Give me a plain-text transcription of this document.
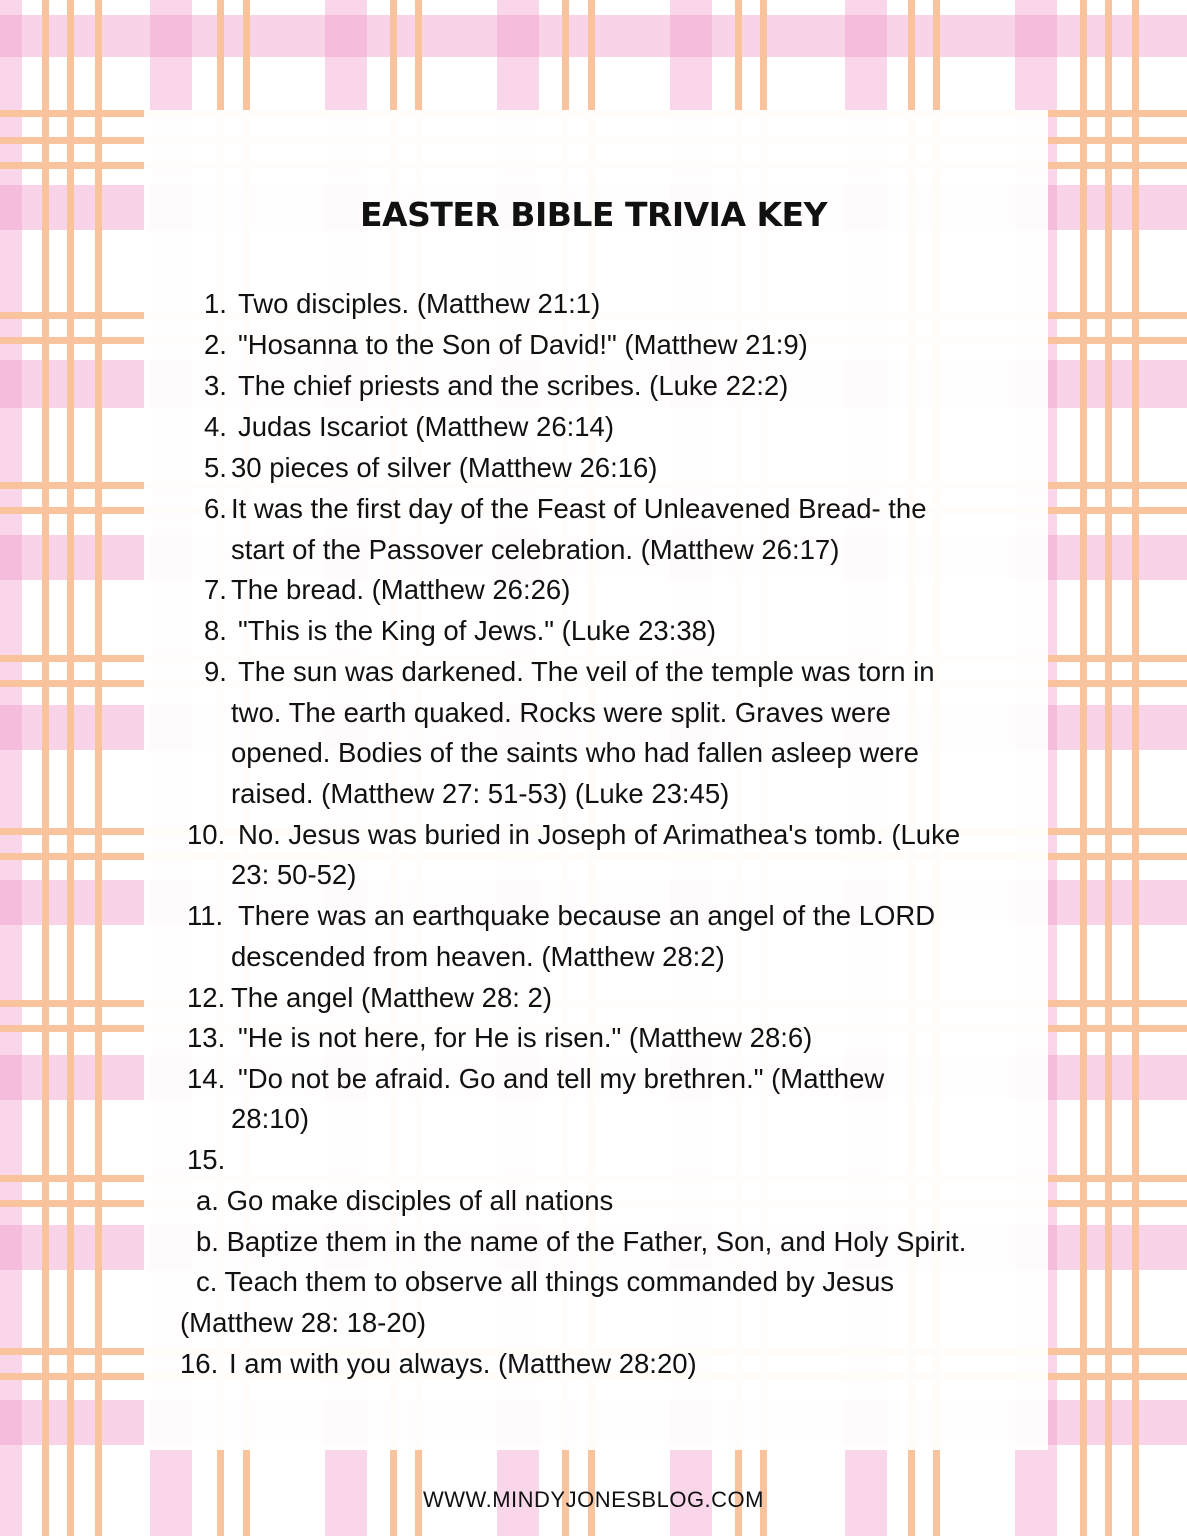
EASTER BIBLE TRIVIA KEY
1. Two disciples. (Matthew 21:1)
2. "Hosanna to the Son of David!" (Matthew 21:9)
3. The chief priests and the scribes. (Luke 22:2)
4. Judas Iscariot (Matthew 26:14)
5. 30 pieces of silver (Matthew 26:16)
6. It was the first day of the Feast of Unleavened Bread- the
start of the Passover celebration. (Matthew 26:17)
7. The bread. (Matthew 26:26)
8. "This is the King of Jews." (Luke 23:38)
9. The sun was darkened. The veil of the temple was torn in
two. The earth quaked. Rocks were split. Graves were
opened. Bodies of the saints who had fallen asleep were
raised. (Matthew 27: 51-53) (Luke 23:45)
10. No. Jesus was buried in Joseph of Arimathea's tomb. (Luke
23: 50-52)
11. There was an earthquake because an angel of the LORD
descended from heaven. (Matthew 28:2)
12. The angel (Matthew 28: 2)
13. "He is not here, for He is risen." (Matthew 28:6)
14. "Do not be afraid. Go and tell my brethren." (Matthew
28:10)
15.
a. Go make disciples of all nations
b. Baptize them in the name of the Father, Son, and Holy Spirit.
c. Teach them to observe all things commanded by Jesus
(Matthew 28: 18-20)
16. I am with you always. (Matthew 28:20)
WWW.MINDYJONESBLOG.COM
